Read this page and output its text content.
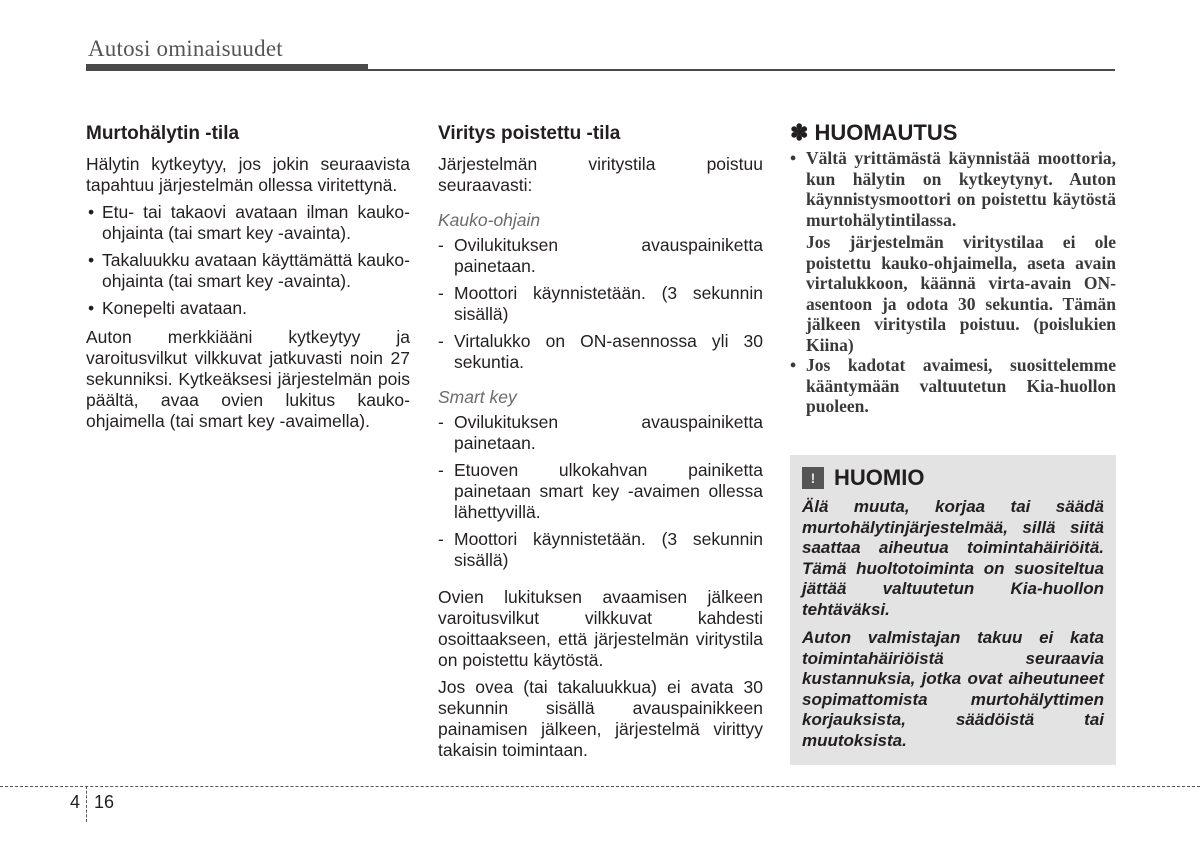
Autosi ominaisuudet
Murtohälytin -tila

Hälytin kytkeytyy, jos jokin seuraavista tapahtuu järjestelmän ollessa viritettynä.

• Etu- tai takaovi avataan ilman kauko-ohjainta (tai smart key -avainta).
• Takaluukku avataan käyttämättä kauko-ohjainta (tai smart key -avainta).
• Konepelti avataan.

Auton merkkiääni kytkeytyy ja varoitusvilkut vilkkuvat jatkuvasti noin 27 sekunniksi. Kytkeäksesi järjestelmän pois päältä, avaa ovien lukitus kauko-ohjaimella (tai smart key -avaimella).

Viritys poistettu -tila

Järjestelmän viritystila poistuu seuraavasti:

Kauko-ohjain
- Ovilukituksen avauspainiketta painetaan.
- Moottori käynnistetään. (3 sekunnin sisällä)
- Virtalukko on ON-asennossa yli 30 sekuntia.
Smart key
- Ovilukituksen avauspainiketta painetaan.
- Etuoven ulkokahvan painiketta painetaan smart key -avaimen ollessa lähettyvillä.
- Moottori käynnistetään. (3 sekunnin sisällä)

Ovien lukituksen avaamisen jälkeen varoitusvilkut vilkkuvat kahdesti osoittaakseen, että järjestelmän viritystila on poistettu käytöstä.

Jos ovea (tai takaluukkua) ei avata 30 sekunnin sisällä avauspainikkeen painamisen jälkeen, järjestelmä virittyy takaisin toimintaan.

✽ HUOMAUTUS
• Vältä yrittämästä käynnistää moottoria, kun hälytin on kytkeytynyt. Auton käynnistysmoottori on poistettu käytöstä murtohälytintilassa.
Jos järjestelmän viritystilaa ei ole poistettu kauko-ohjaimella, aseta avain virtalukkoon, käännä virta-avain ON-asentoon ja odota 30 sekuntia. Tämän jälkeen viritystila poistuu. (poislukien Kiina)
• Jos kadotat avaimesi, suosittelemme kääntymään valtuutetun Kia-huollon puoleen.
! HUOMIO

Älä muuta, korjaa tai säädä murtohälytinjärjestelmää, sillä siitä saattaa aiheutua toimintahäiriöitä. Tämä huoltotoiminta on suositeltua jättää valtuutetun Kia-huollon tehtäväksi.

Auton valmistajan takuu ei kata toimintahäiriöistä seuraavia kustannuksia, jotka ovat aiheutuneet sopimattomista murtohälyttimen korjauksista, säädöistä tai muutoksista.

4 16
